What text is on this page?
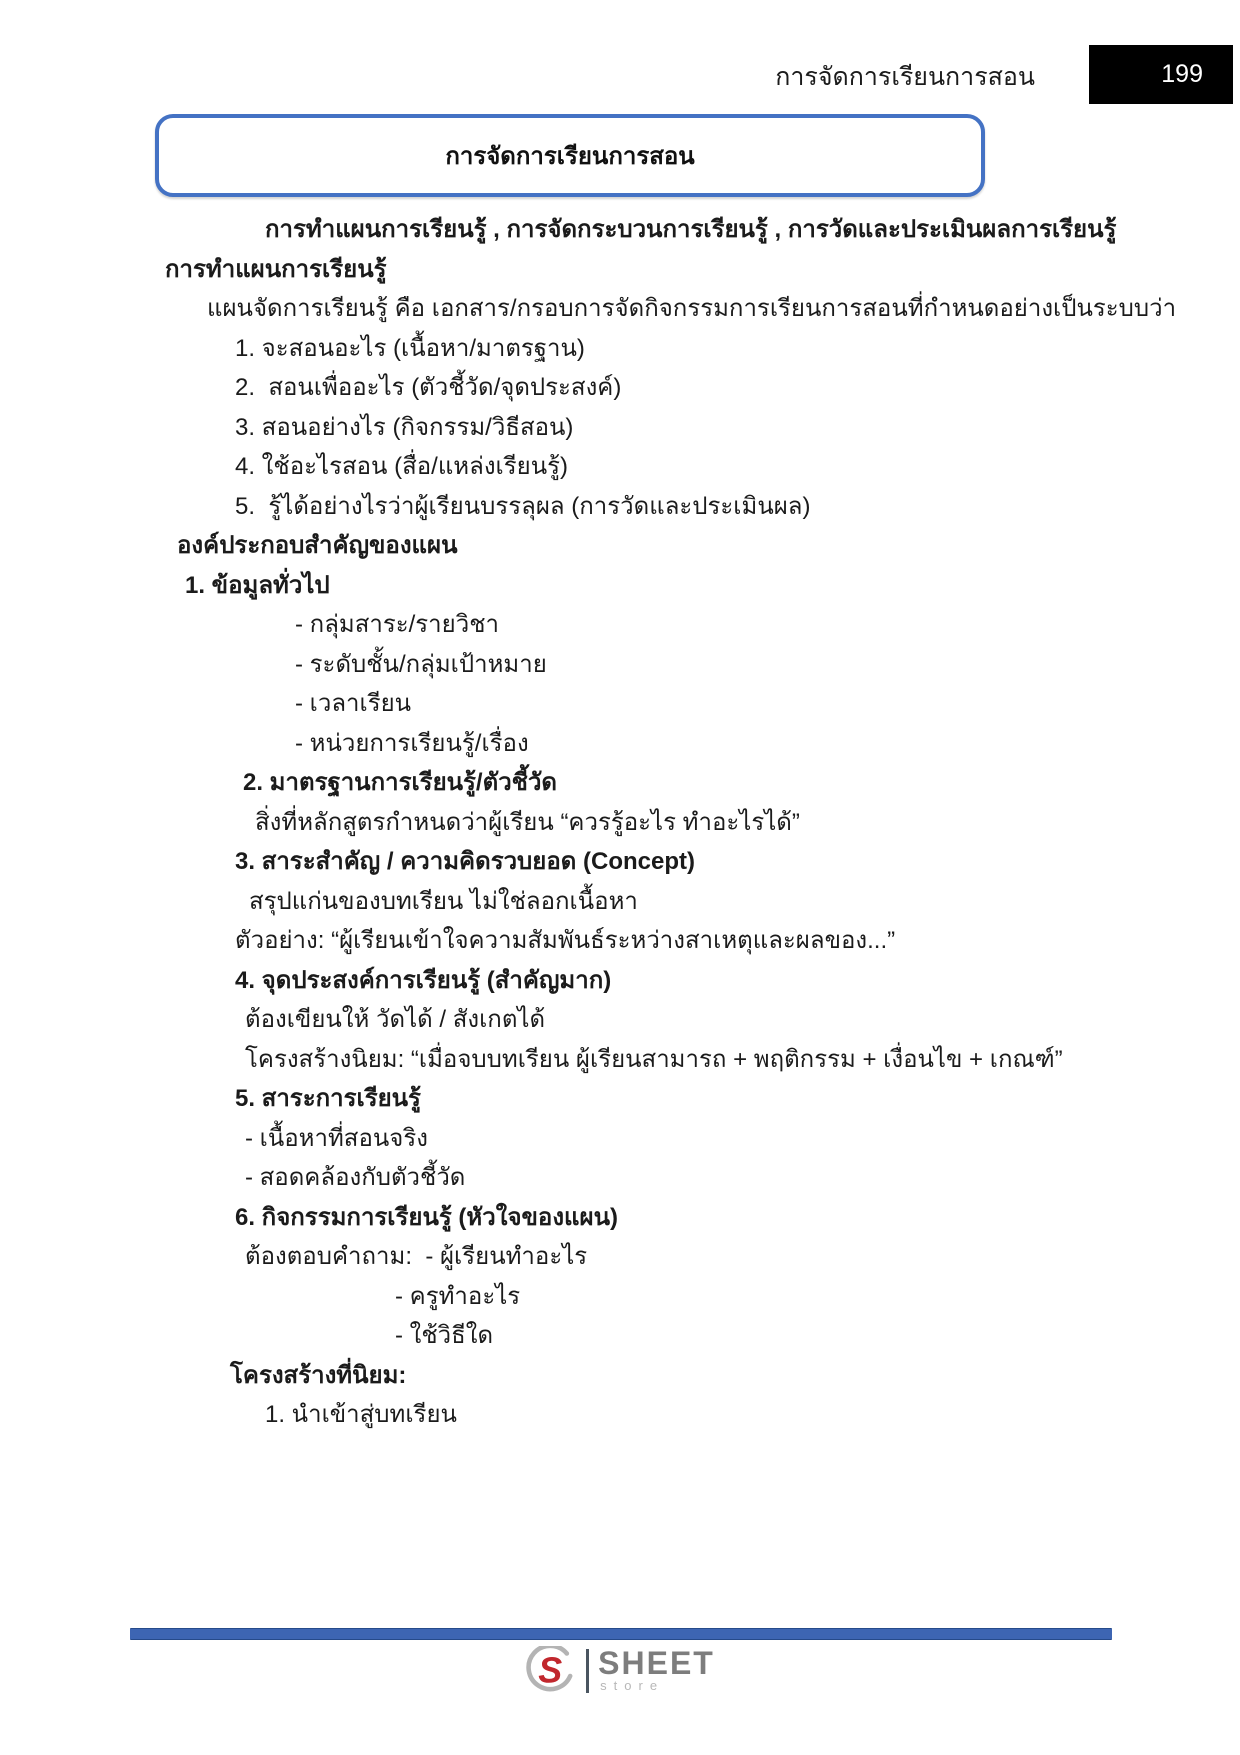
การจัดการเรียนการสอน	199
การจัดการเรียนการสอน
การทำแผนการเรียนรู้ , การจัดกระบวนการเรียนรู้ , การวัดและประเมินผลการเรียนรู้
การทำแผนการเรียนรู้
แผนจัดการเรียนรู้ คือ เอกสาร/กรอบการจัดกิจกรรมการเรียนการสอนที่กำหนดอย่างเป็นระบบว่า
1. จะสอนอะไร (เนื้อหา/มาตรฐาน)
2.  สอนเพื่ออะไร (ตัวชี้วัด/จุดประสงค์)
3. สอนอย่างไร (กิจกรรม/วิธีสอน)
4. ใช้อะไรสอน (สื่อ/แหล่งเรียนรู้)
5.  รู้ได้อย่างไรว่าผู้เรียนบรรลุผล (การวัดและประเมินผล)
องค์ประกอบสำคัญของแผน
1. ข้อมูลทั่วไป
- กลุ่มสาระ/รายวิชา
- ระดับชั้น/กลุ่มเป้าหมาย
- เวลาเรียน
- หน่วยการเรียนรู้/เรื่อง
2. มาตรฐานการเรียนรู้/ตัวชี้วัด
สิ่งที่หลักสูตรกำหนดว่าผู้เรียน “ควรรู้อะไร ทำอะไรได้”
3. สาระสำคัญ / ความคิดรวบยอด (Concept)
สรุปแก่นของบทเรียน ไม่ใช่ลอกเนื้อหา
ตัวอย่าง: “ผู้เรียนเข้าใจความสัมพันธ์ระหว่างสาเหตุและผลของ...”
4. จุดประสงค์การเรียนรู้ (สำคัญมาก)
ต้องเขียนให้ วัดได้ / สังเกตได้
โครงสร้างนิยม: “เมื่อจบบทเรียน ผู้เรียนสามารถ + พฤติกรรม + เงื่อนไข + เกณฑ์”
5. สาระการเรียนรู้
- เนื้อหาที่สอนจริง
- สอดคล้องกับตัวชี้วัด
6. กิจกรรมการเรียนรู้ (หัวใจของแผน)
ต้องตอบคำถาม:  - ผู้เรียนทำอะไร
- ครูทำอะไร
- ใช้วิธีใด
โครงสร้างที่นิยม:
1. นำเข้าสู่บทเรียน
S SHEET
store
